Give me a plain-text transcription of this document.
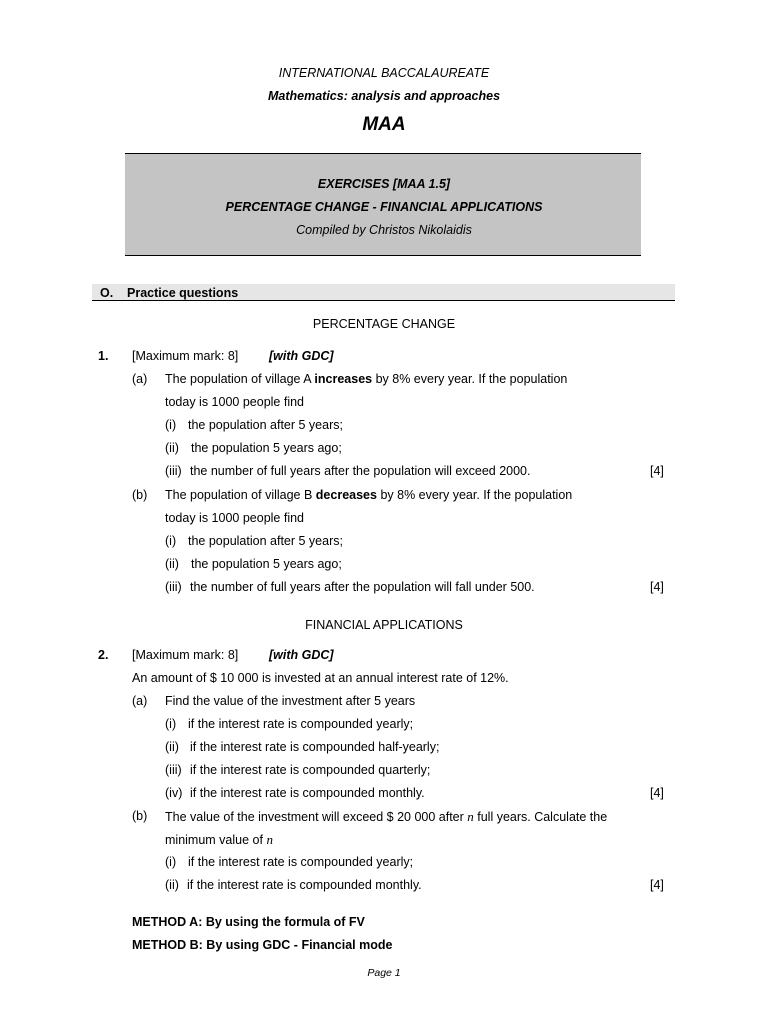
INTERNATIONAL BACCALAUREATE
Mathematics: analysis and approaches
MAA
EXERCISES [MAA 1.5]
PERCENTAGE CHANGE - FINANCIAL APPLICATIONS
Compiled by Christos Nikolaidis
O. Practice questions
PERCENTAGE CHANGE
1. [Maximum mark: 8] [with GDC]
(a) The population of village A increases by 8% every year. If the population
today is 1000 people find
(i) the population after 5 years;
(ii) the population 5 years ago;
(iii) the number of full years after the population will exceed 2000.	[4]
(b) The population of village B decreases by 8% every year. If the population
today is 1000 people find
(i) the population after 5 years;
(ii) the population 5 years ago;
(iii) the number of full years after the population will fall under 500.	[4]
FINANCIAL APPLICATIONS
2. [Maximum mark: 8] [with GDC]
An amount of $ 10 000 is invested at an annual interest rate of 12%.
(a) Find the value of the investment after 5 years
(i) if the interest rate is compounded yearly;
(ii) if the interest rate is compounded half-yearly;
(iii) if the interest rate is compounded quarterly;
(iv) if the interest rate is compounded monthly.	[4]
(b) The value of the investment will exceed $ 20 000 after n full years. Calculate the
minimum value of n
(i) if the interest rate is compounded yearly;
(ii) if the interest rate is compounded monthly.	[4]
METHOD A: By using the formula of FV
METHOD B: By using GDC - Financial mode
Page 1
